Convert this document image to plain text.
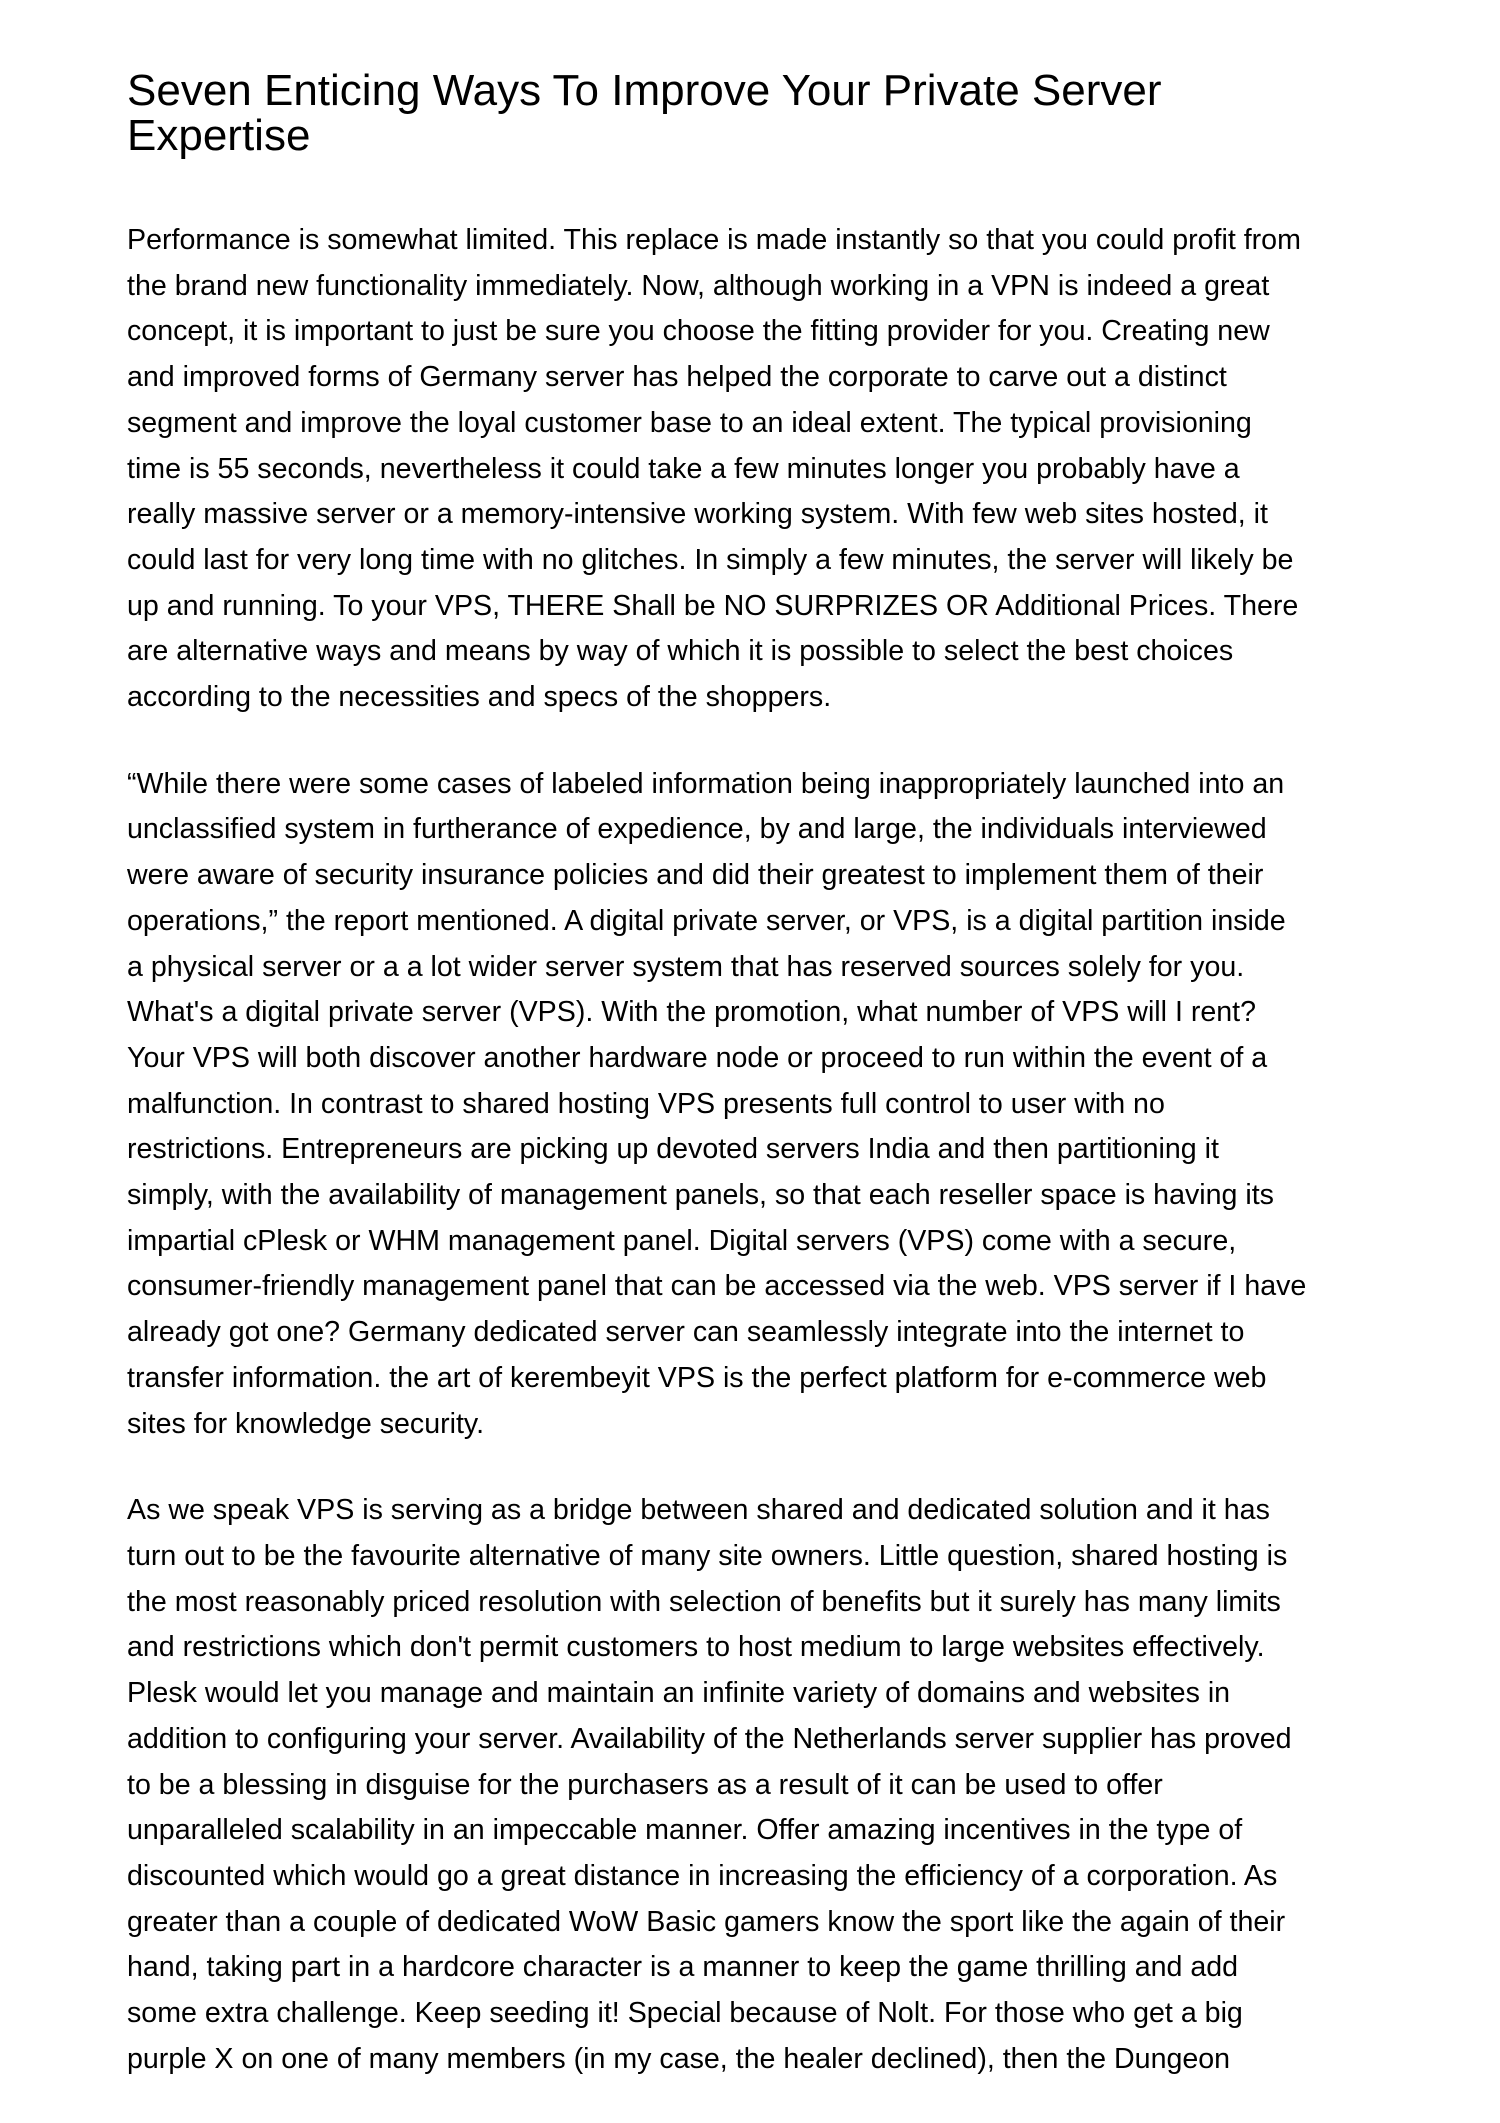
Seven Enticing Ways To Improve Your Private Server
Expertise

Performance is somewhat limited. This replace is made instantly so that you could profit from
the brand new functionality immediately. Now, although working in a VPN is indeed a great
concept, it is important to just be sure you choose the fitting provider for you. Creating new
and improved forms of Germany server has helped the corporate to carve out a distinct
segment and improve the loyal customer base to an ideal extent. The typical provisioning
time is 55 seconds, nevertheless it could take a few minutes longer you probably have a
really massive server or a memory-intensive working system. With few web sites hosted, it
could last for very long time with no glitches. In simply a few minutes, the server will likely be
up and running. To your VPS, THERE Shall be NO SURPRIZES OR Additional Prices. There
are alternative ways and means by way of which it is possible to select the best choices
according to the necessities and specs of the shoppers.

“While there were some cases of labeled information being inappropriately launched into an
unclassified system in furtherance of expedience, by and large, the individuals interviewed
were aware of security insurance policies and did their greatest to implement them of their
operations,” the report mentioned. A digital private server, or VPS, is a digital partition inside
a physical server or a a lot wider server system that has reserved sources solely for you.
What's a digital private server (VPS). With the promotion, what number of VPS will I rent?
Your VPS will both discover another hardware node or proceed to run within the event of a
malfunction. In contrast to shared hosting VPS presents full control to user with no
restrictions. Entrepreneurs are picking up devoted servers India and then partitioning it
simply, with the availability of management panels, so that each reseller space is having its
impartial cPlesk or WHM management panel. Digital servers (VPS) come with a secure,
consumer-friendly management panel that can be accessed via the web. VPS server if I have
already got one? Germany dedicated server can seamlessly integrate into the internet to
transfer information. the art of kerembeyit VPS is the perfect platform for e-commerce web
sites for knowledge security.

As we speak VPS is serving as a bridge between shared and dedicated solution and it has
turn out to be the favourite alternative of many site owners. Little question, shared hosting is
the most reasonably priced resolution with selection of benefits but it surely has many limits
and restrictions which don't permit customers to host medium to large websites effectively.
Plesk would let you manage and maintain an infinite variety of domains and websites in
addition to configuring your server. Availability of the Netherlands server supplier has proved
to be a blessing in disguise for the purchasers as a result of it can be used to offer
unparalleled scalability in an impeccable manner. Offer amazing incentives in the type of
discounted which would go a great distance in increasing the efficiency of a corporation. As
greater than a couple of dedicated WoW Basic gamers know the sport like the again of their
hand, taking part in a hardcore character is a manner to keep the game thrilling and add
some extra challenge. Keep seeding it! Special because of Nolt. For those who get a big
purple X on one of many members (in my case, the healer declined), then the Dungeon
